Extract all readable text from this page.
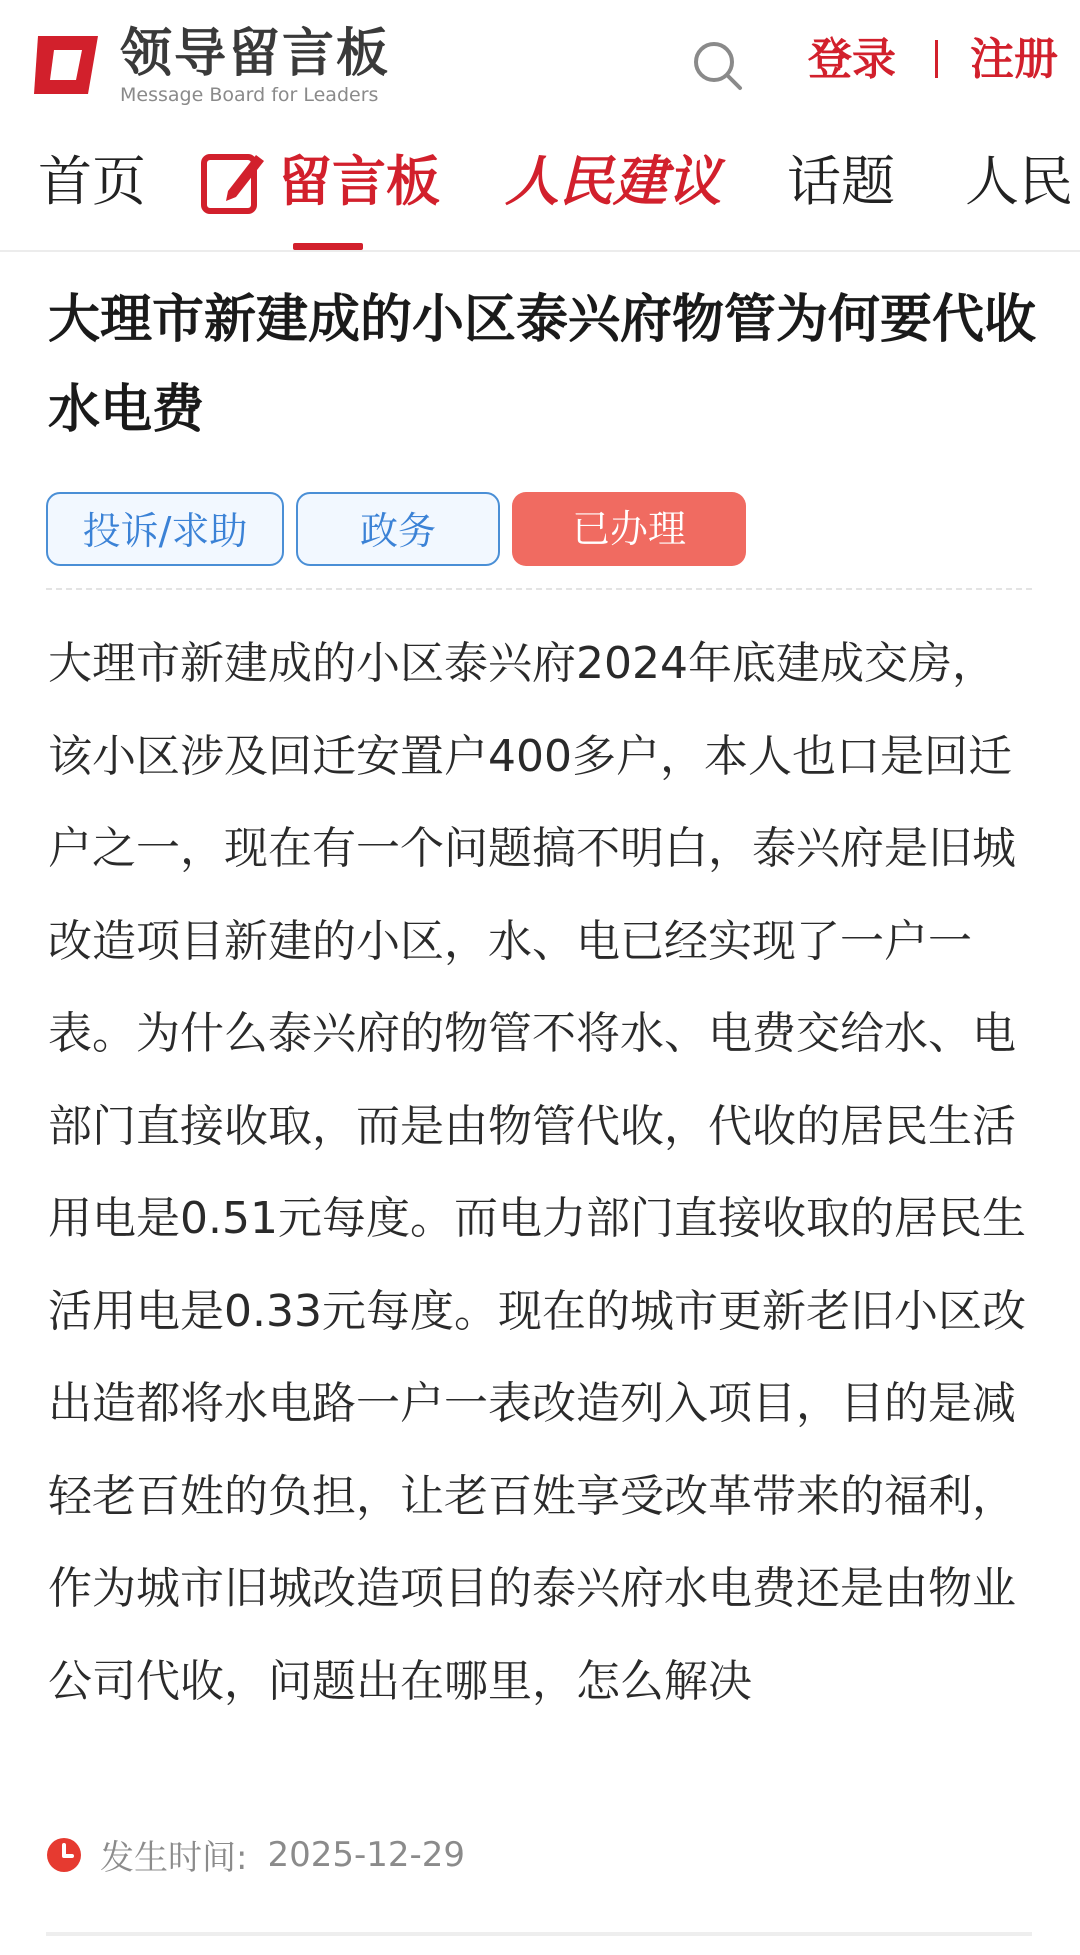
领导留言板
Message Board for Leaders
登录 注册
首页 留言板 人民建议 话题 人民
大理市新建成的小区泰兴府物管为何要代收水电费
投诉/求助	政务	已办理
大理市新建成的小区泰兴府2024年底建成交房，该小区涉及回迁安置户400多户，本人也口是回迁户之一，现在有一个问题搞不明白，泰兴府是旧城改造项目新建的小区，水、电已经实现了一户一表。为什么泰兴府的物管不将水、电费交给水、电部门直接收取，而是由物管代收，代收的居民生活用电是0.51元每度。而电力部门直接收取的居民生活用电是0.33元每度。现在的城市更新老旧小区改出造都将水电路一户一表改造列入项目，目的是减轻老百姓的负担，让老百姓享受改革带来的福利，作为城市旧城改造项目的泰兴府水电费还是由物业公司代收，问题出在哪里，怎么解决
发生时间: 2025-12-29
